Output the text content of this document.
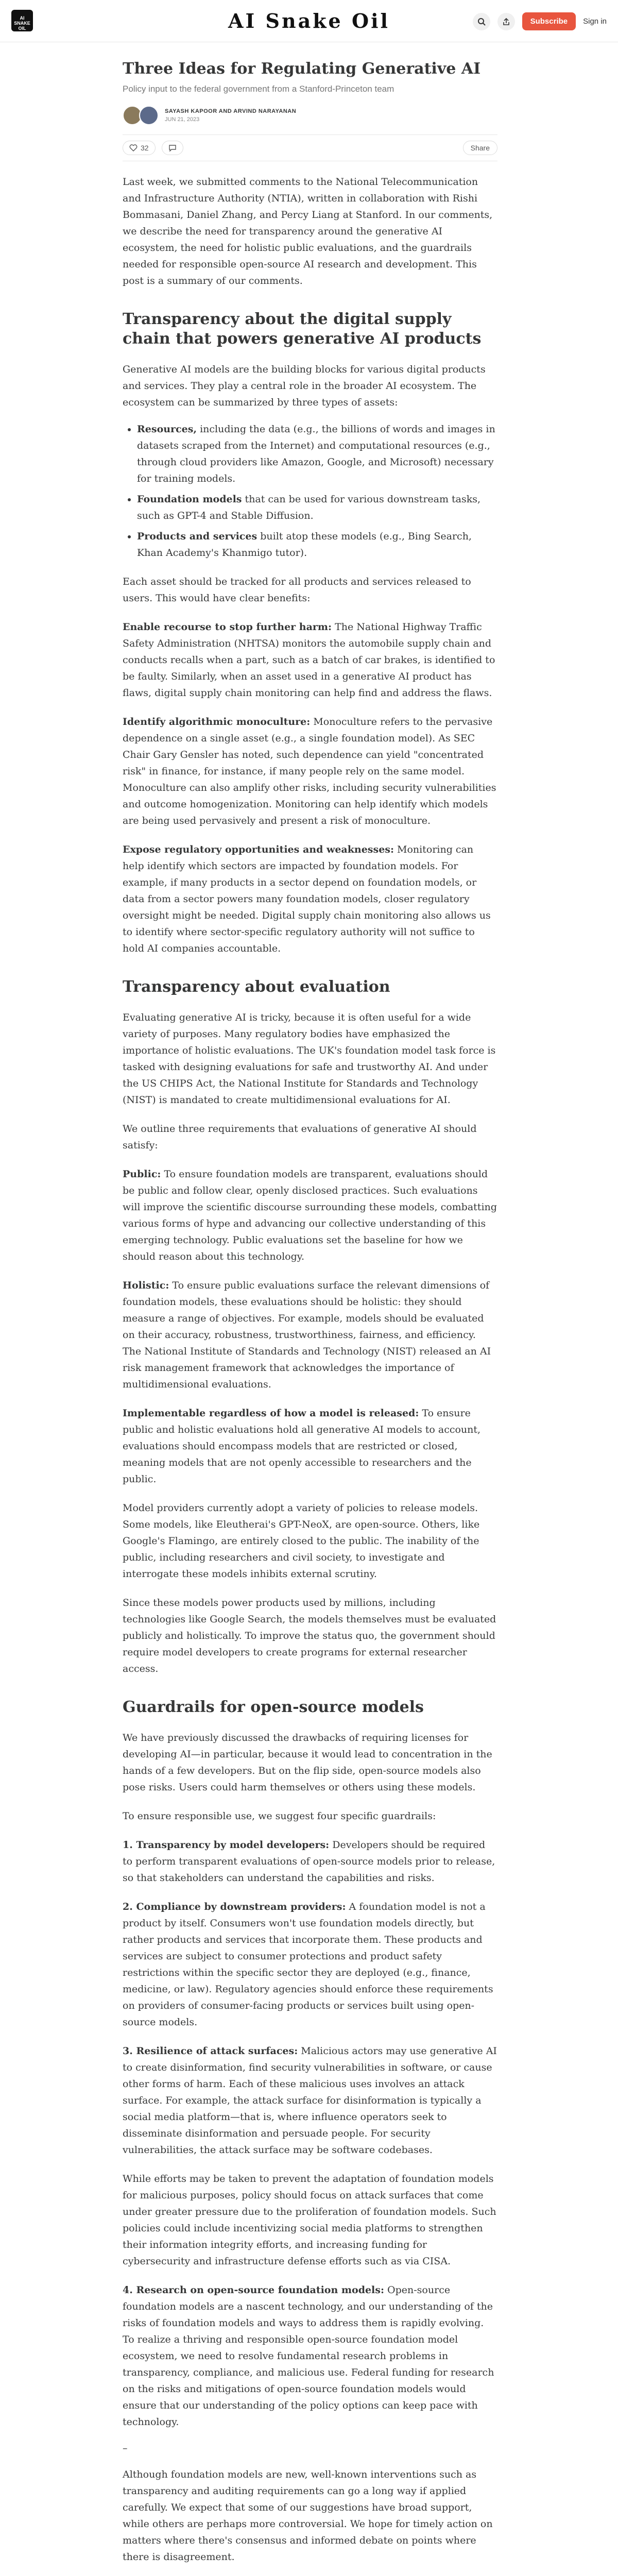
AI SNAKE OIL	AI Snake Oil	Subscribe	Sign in
Three Ideas for Regulating Generative AI
Policy input to the federal government from a Stanford-Princeton team
SAYASH KAPOOR AND ARVIND NARAYANAN
JUN 21, 2023
32	Share

Last week, we submitted comments to the National Telecommunication and Infrastructure Authority (NTIA), written in collaboration with Rishi Bommasani, Daniel Zhang, and Percy Liang at Stanford. In our comments, we describe the need for transparency around the generative AI ecosystem, the need for holistic public evaluations, and the guardrails needed for responsible open-source AI research and development. This post is a summary of our comments.

Transparency about the digital supply chain that powers generative AI products

Generative AI models are the building blocks for various digital products and services. They play a central role in the broader AI ecosystem. The ecosystem can be summarized by three types of assets:

• Resources, including the data (e.g., the billions of words and images in datasets scraped from the Internet) and computational resources (e.g., through cloud providers like Amazon, Google, and Microsoft) necessary for training models.
• Foundation models that can be used for various downstream tasks, such as GPT-4 and Stable Diffusion.
• Products and services built atop these models (e.g., Bing Search, Khan Academy's Khanmigo tutor).

Each asset should be tracked for all products and services released to users. This would have clear benefits:

Enable recourse to stop further harm: The National Highway Traffic Safety Administration (NHTSA) monitors the automobile supply chain and conducts recalls when a part, such as a batch of car brakes, is identified to be faulty. Similarly, when an asset used in a generative AI product has flaws, digital supply chain monitoring can help find and address the flaws.

Identify algorithmic monoculture: Monoculture refers to the pervasive dependence on a single asset (e.g., a single foundation model). As SEC Chair Gary Gensler has noted, such dependence can yield "concentrated risk" in finance, for instance, if many people rely on the same model. Monoculture can also amplify other risks, including security vulnerabilities and outcome homogenization. Monitoring can help identify which models are being used pervasively and present a risk of monoculture.

Expose regulatory opportunities and weaknesses: Monitoring can help identify which sectors are impacted by foundation models. For example, if many products in a sector depend on foundation models, or data from a sector powers many foundation models, closer regulatory oversight might be needed. Digital supply chain monitoring also allows us to identify where sector-specific regulatory authority will not suffice to hold AI companies accountable.

Transparency about evaluation

Evaluating generative AI is tricky, because it is often useful for a wide variety of purposes. Many regulatory bodies have emphasized the importance of holistic evaluations. The UK's foundation model task force is tasked with designing evaluations for safe and trustworthy AI. And under the US CHIPS Act, the National Institute for Standards and Technology (NIST) is mandated to create multidimensional evaluations for AI.

We outline three requirements that evaluations of generative AI should satisfy:

Public: To ensure foundation models are transparent, evaluations should be public and follow clear, openly disclosed practices. Such evaluations will improve the scientific discourse surrounding these models, combatting various forms of hype and advancing our collective understanding of this emerging technology. Public evaluations set the baseline for how we should reason about this technology.

Holistic: To ensure public evaluations surface the relevant dimensions of foundation models, these evaluations should be holistic: they should measure a range of objectives. For example, models should be evaluated on their accuracy, robustness, trustworthiness, fairness, and efficiency. The National Institute of Standards and Technology (NIST) released an AI risk management framework that acknowledges the importance of multidimensional evaluations.

Implementable regardless of how a model is released: To ensure public and holistic evaluations hold all generative AI models to account, evaluations should encompass models that are restricted or closed, meaning models that are not openly accessible to researchers and the public.

Model providers currently adopt a variety of policies to release models. Some models, like Eleutherai's GPT-NeoX, are open-source. Others, like Google's Flamingo, are entirely closed to the public. The inability of the public, including researchers and civil society, to investigate and interrogate these models inhibits external scrutiny.

Since these models power products used by millions, including technologies like Google Search, the models themselves must be evaluated publicly and holistically. To improve the status quo, the government should require model developers to create programs for external researcher access.

Guardrails for open-source models

We have previously discussed the drawbacks of requiring licenses for developing AI—in particular, because it would lead to concentration in the hands of a few developers. But on the flip side, open-source models also pose risks. Users could harm themselves or others using these models.

To ensure responsible use, we suggest four specific guardrails:

1. Transparency by model developers: Developers should be required to perform transparent evaluations of open-source models prior to release, so that stakeholders can understand the capabilities and risks.

2. Compliance by downstream providers: A foundation model is not a product by itself. Consumers won't use foundation models directly, but rather products and services that incorporate them. These products and services are subject to consumer protections and product safety restrictions within the specific sector they are deployed (e.g., finance, medicine, or law). Regulatory agencies should enforce these requirements on providers of consumer-facing products or services built using open-source models.

3. Resilience of attack surfaces: Malicious actors may use generative AI to create disinformation, find security vulnerabilities in software, or cause other forms of harm. Each of these malicious uses involves an attack surface. For example, the attack surface for disinformation is typically a social media platform—that is, where influence operators seek to disseminate disinformation and persuade people. For security vulnerabilities, the attack surface may be software codebases.

While efforts may be taken to prevent the adaptation of foundation models for malicious purposes, policy should focus on attack surfaces that come under greater pressure due to the proliferation of foundation models. Such policies could include incentivizing social media platforms to strengthen their information integrity efforts, and increasing funding for cybersecurity and infrastructure defense efforts such as via CISA.

4. Research on open-source foundation models: Open-source foundation models are a nascent technology, and our understanding of the risks of foundation models and ways to address them is rapidly evolving. To realize a thriving and responsible open-source foundation model ecosystem, we need to resolve fundamental research problems in transparency, compliance, and malicious use. Federal funding for research on the risks and mitigations of open-source foundation models would ensure that our understanding of the policy options can keep pace with technology.

–

Although foundation models are new, well-known interventions such as transparency and auditing requirements can go a long way if applied carefully. We expect that some of our suggestions have broad support, while others are perhaps more controversial. We hope for timely action on matters where there's consensus and informed debate on points where there is disagreement.
